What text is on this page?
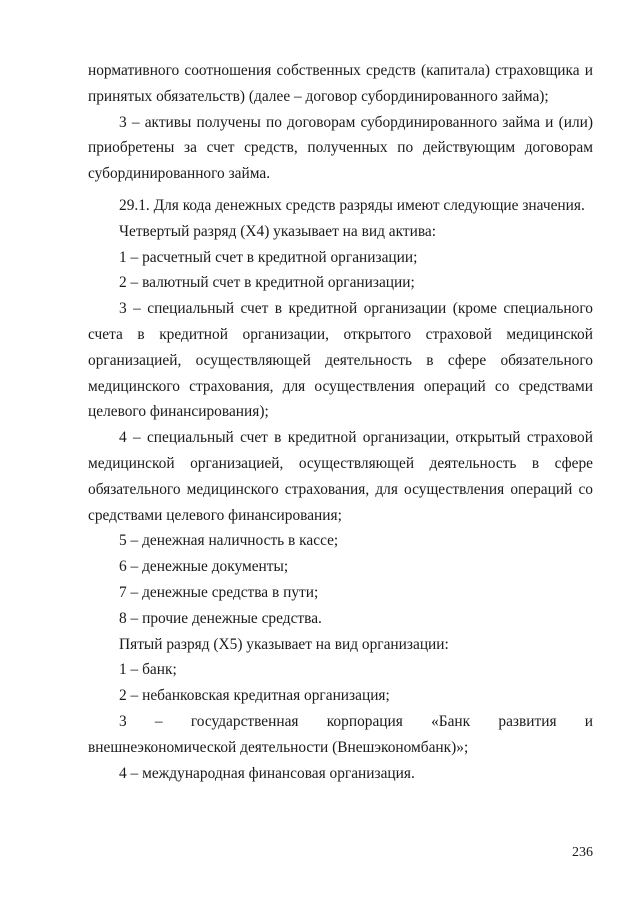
нормативного соотношения собственных средств (капитала) страховщика и принятых обязательств) (далее – договор субординированного займа);

3 – активы получены по договорам субординированного займа и (или) приобретены за счет средств, полученных по действующим договорам субординированного займа.

29.1. Для кода денежных средств разряды имеют следующие значения.

Четвертый разряд (Х4) указывает на вид актива:

1 – расчетный счет в кредитной организации;

2 – валютный счет в кредитной организации;

3 – специальный счет в кредитной организации (кроме специального счета в кредитной организации, открытого страховой медицинской организацией, осуществляющей деятельность в сфере обязательного медицинского страхования, для осуществления операций со средствами целевого финансирования);

4 – специальный счет в кредитной организации, открытый страховой медицинской организацией, осуществляющей деятельность в сфере обязательного медицинского страхования, для осуществления операций со средствами целевого финансирования;

5 – денежная наличность в кассе;

6 – денежные документы;

7 – денежные средства в пути;

8 – прочие денежные средства.

Пятый разряд (Х5) указывает на вид организации:

1 – банк;

2 – небанковская кредитная организация;

3 – государственная корпорация «Банк развития и внешнеэкономической деятельности (Внешэкономбанк)»;

4 – международная финансовая организация.

236
